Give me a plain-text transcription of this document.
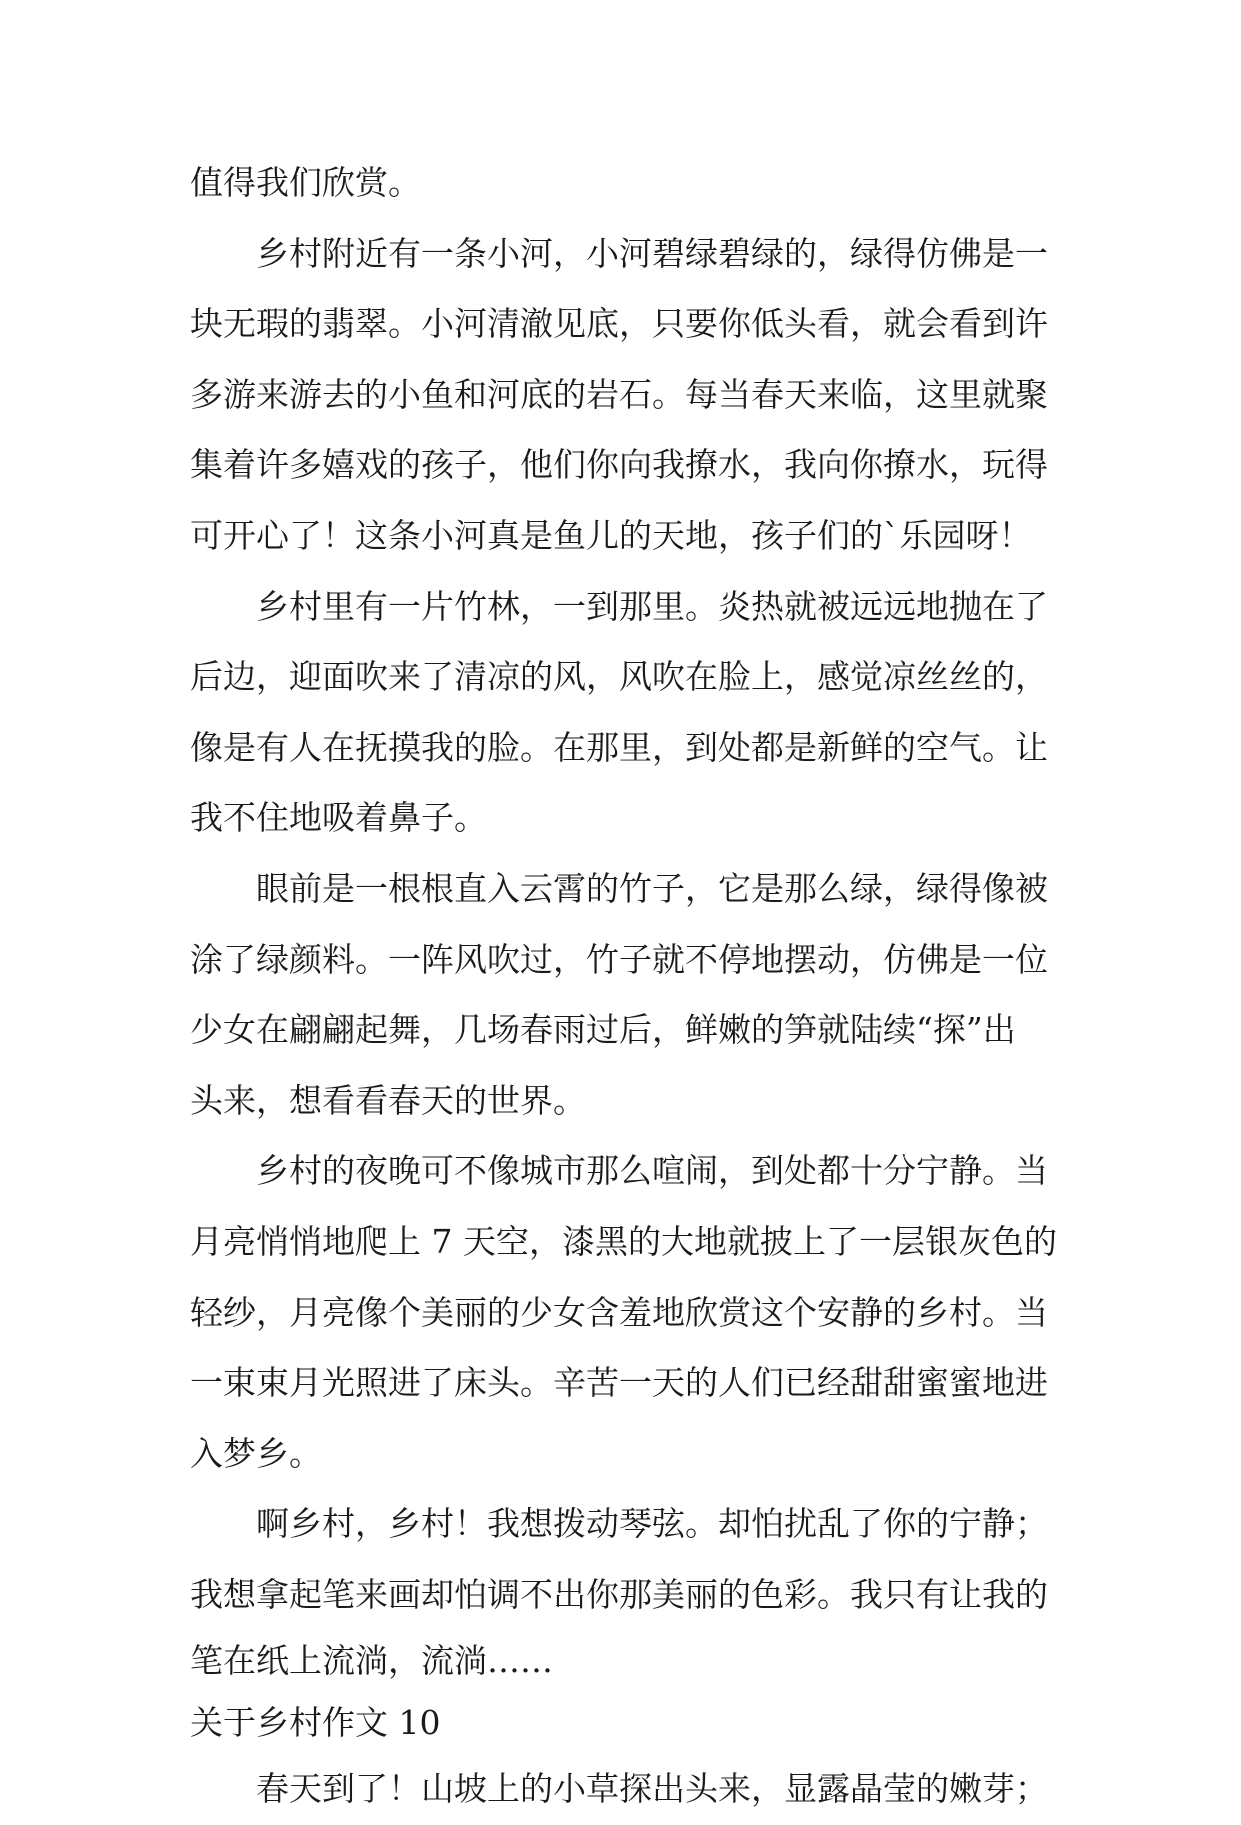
值得我们欣赏。
乡村附近有一条小河，小河碧绿碧绿的，绿得仿佛是一
块无瑕的翡翠。小河清澈见底，只要你低头看，就会看到许
多游来游去的小鱼和河底的岩石。每当春天来临，这里就聚
集着许多嬉戏的孩子，他们你向我撩水，我向你撩水，玩得
可开心了！这条小河真是鱼儿的天地，孩子们的`乐园呀！
乡村里有一片竹林，一到那里。炎热就被远远地抛在了
后边，迎面吹来了清凉的风，风吹在脸上，感觉凉丝丝的，
像是有人在抚摸我的脸。在那里，到处都是新鲜的空气。让
我不住地吸着鼻子。
眼前是一根根直入云霄的竹子，它是那么绿，绿得像被
涂了绿颜料。一阵风吹过，竹子就不停地摆动，仿佛是一位
少女在翩翩起舞，几场春雨过后，鲜嫩的笋就陆续“探”出
头来，想看看春天的世界。
乡村的夜晚可不像城市那么喧闹，到处都十分宁静。当
月亮悄悄地爬上 7 天空，漆黑的大地就披上了一层银灰色的
轻纱，月亮像个美丽的少女含羞地欣赏这个安静的乡村。当
一束束月光照进了床头。辛苦一天的人们已经甜甜蜜蜜地进
入梦乡。
啊乡村，乡村！我想拨动琴弦。却怕扰乱了你的宁静；
我想拿起笔来画却怕调不出你那美丽的色彩。我只有让我的
笔在纸上流淌，流淌……
关于乡村作文 10
春天到了！山坡上的小草探出头来，显露晶莹的嫩芽；
